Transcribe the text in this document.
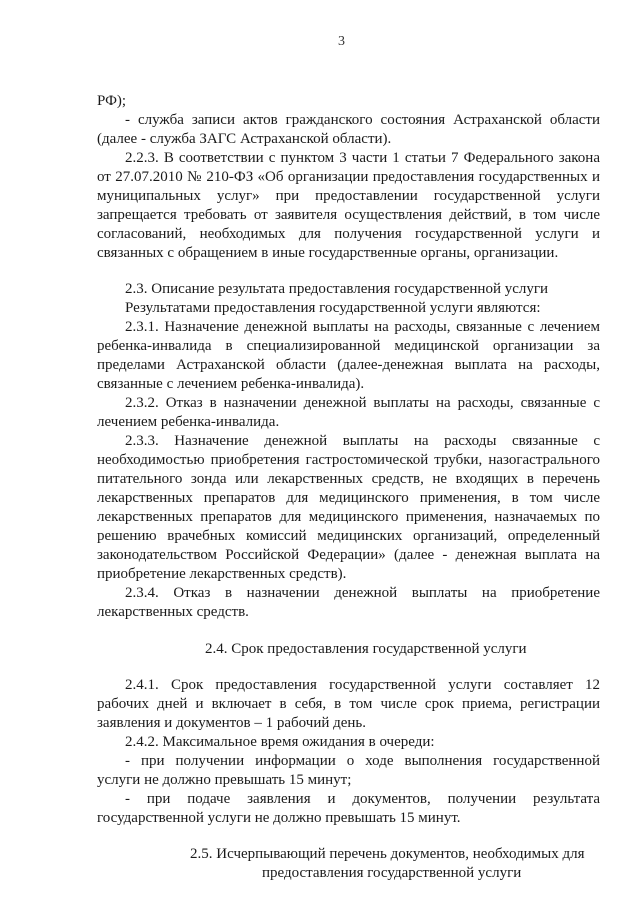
3
РФ);
- служба записи актов гражданского состояния Астраханской области
(далее - служба ЗАГС Астраханской области).
2.2.3. В соответствии с пунктом 3 части 1 статьи 7 Федерального закона
от 27.07.2010 № 210-ФЗ «Об организации предоставления государственных и
муниципальных услуг» при предоставлении государственной услуги
запрещается требовать от заявителя осуществления действий, в том числе
согласований, необходимых для получения государственной услуги и
связанных с обращением в иные государственные органы, организации.
2.3. Описание результата предоставления государственной услуги
Результатами предоставления государственной услуги являются:
2.3.1. Назначение денежной выплаты на расходы, связанные с лечением
ребенка-инвалида в специализированной медицинской организации за
пределами Астраханской области (далее-денежная выплата на расходы,
связанные с лечением ребенка-инвалида).
2.3.2. Отказ в назначении денежной выплаты на расходы, связанные с
лечением ребенка-инвалида.
2.3.3. Назначение денежной выплаты на расходы связанные с
необходимостью приобретения гастростомической трубки, назогастрального
питательного зонда или лекарственных средств, не входящих в перечень
лекарственных препаратов для медицинского применения, в том числе
лекарственных препаратов для медицинского применения, назначаемых по
решению врачебных комиссий медицинских организаций, определенный
законодательством Российской Федерации» (далее - денежная выплата на
приобретение лекарственных средств).
2.3.4. Отказ в назначении денежной выплаты на приобретение
лекарственных средств.
2.4. Срок предоставления государственной услуги
2.4.1. Срок предоставления государственной услуги составляет 12
рабочих дней и включает в себя, в том числе срок приема, регистрации
заявления и документов – 1 рабочий день.
2.4.2. Максимальное время ожидания в очереди:
- при получении информации о ходе выполнения государственной
услуги не должно превышать 15 минут;
- при подаче заявления и документов, получении результата
государственной услуги не должно превышать 15 минут.
2.5. Исчерпывающий перечень документов, необходимых для
предоставления государственной услуги
